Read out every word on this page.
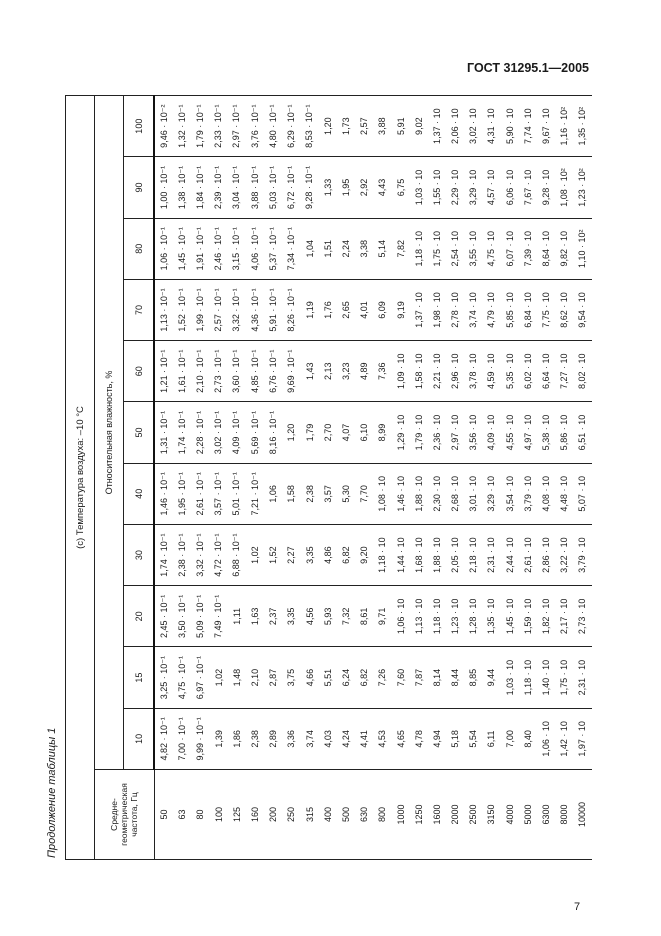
ГОСТ 31295.1—2005
Продолжение таблицы 1
(с) Температура воздуха: –10 °С											
Средне-геометрическая частота, Гц	Относительная влажность, %										
	10	15	20	30	40	50	60	70	80	90	100
50	4,82 · 10⁻¹	3,25 · 10⁻¹	2,45 · 10⁻¹	1,74 · 10⁻¹	1,46 · 10⁻¹	1,31 · 10⁻¹	1,21 · 10⁻¹	1,13 · 10⁻¹	1,06 · 10⁻¹	1,00 · 10⁻¹	9,46 · 10⁻²
63	7,00 · 10⁻¹	4,75 · 10⁻¹	3,50 · 10⁻¹	2,38 · 10⁻¹	1,95 · 10⁻¹	1,74 · 10⁻¹	1,61 · 10⁻¹	1,52 · 10⁻¹	1,45 · 10⁻¹	1,38 · 10⁻¹	1,32 · 10⁻¹
80	9,99 · 10⁻¹	6,97 · 10⁻¹	5,09 · 10⁻¹	3,32 · 10⁻¹	2,61 · 10⁻¹	2,28 · 10⁻¹	2,10 · 10⁻¹	1,99 · 10⁻¹	1,91 · 10⁻¹	1,84 · 10⁻¹	1,79 · 10⁻¹
100	1,39	1,02	7,49 · 10⁻¹	4,72 · 10⁻¹	3,57 · 10⁻¹	3,02 · 10⁻¹	2,73 · 10⁻¹	2,57 · 10⁻¹	2,46 · 10⁻¹	2,39 · 10⁻¹	2,33 · 10⁻¹
125	1,86	1,48	1,11	6,88 · 10⁻¹	5,01 · 10⁻¹	4,09 · 10⁻¹	3,60 · 10⁻¹	3,32 · 10⁻¹	3,15 · 10⁻¹	3,04 · 10⁻¹	2,97 · 10⁻¹
160	2,38	2,10	1,63	1,02	7,21 · 10⁻¹	5,69 · 10⁻¹	4,85 · 10⁻¹	4,36 · 10⁻¹	4,06 · 10⁻¹	3,88 · 10⁻¹	3,76 · 10⁻¹
200	2,89	2,87	2,37	1,52	1,06	8,16 · 10⁻¹	6,76 · 10⁻¹	5,91 · 10⁻¹	5,37 · 10⁻¹	5,03 · 10⁻¹	4,80 · 10⁻¹
250	3,36	3,75	3,35	2,27	1,58	1,20	9,69 · 10⁻¹	8,26 · 10⁻¹	7,34 · 10⁻¹	6,72 · 10⁻¹	6,29 · 10⁻¹
315	3,74	4,66	4,56	3,35	2,38	1,79	1,43	1,19	1,04	9,28 · 10⁻¹	8,53 · 10⁻¹
400	4,03	5,51	5,93	4,86	3,57	2,70	2,13	1,76	1,51	1,33	1,20
500	4,24	6,24	7,32	6,82	5,30	4,07	3,23	2,65	2,24	1,95	1,73
630	4,41	6,82	8,61	9,20	7,70	6,10	4,89	4,01	3,38	2,92	2,57
800	4,53	7,26	9,71	1,18 · 10	1,08 · 10	8,99	7,36	6,09	5,14	4,43	3,88
1000	4,65	7,60	1,06 · 10	1,44 · 10	1,46 · 10	1,29 · 10	1,09 · 10	9,19	7,82	6,75	5,91
1250	4,78	7,87	1,13 · 10	1,68 · 10	1,88 · 10	1,79 · 10	1,58 · 10	1,37 · 10	1,18 · 10	1,03 · 10	9,02
1600	4,94	8,14	1,18 · 10	1,88 · 10	2,30 · 10	2,36 · 10	2,21 · 10	1,98 · 10	1,75 · 10	1,55 · 10	1,37 · 10
2000	5,18	8,44	1,23 · 10	2,05 · 10	2,68 · 10	2,97 · 10	2,96 · 10	2,78 · 10	2,54 · 10	2,29 · 10	2,06 · 10
2500	5,54	8,85	1,28 · 10	2,18 · 10	3,01 · 10	3,56 · 10	3,78 · 10	3,74 · 10	3,55 · 10	3,29 · 10	3,02 · 10
3150	6,11	9,44	1,35 · 10	2,31 · 10	3,29 · 10	4,09 · 10	4,59 · 10	4,79 · 10	4,75 · 10	4,57 · 10	4,31 · 10
4000	7,00	1,03 · 10	1,45 · 10	2,44 · 10	3,54 · 10	4,55 · 10	5,35 · 10	5,85 · 10	6,07 · 10	6,06 · 10	5,90 · 10
5000	8,40	1,18 · 10	1,59 · 10	2,61 · 10	3,79 · 10	4,97 · 10	6,02 · 10	6,84 · 10	7,39 · 10	7,67 · 10	7,74 · 10
6300	1,06 · 10	1,40 · 10	1,82 · 10	2,86 · 10	4,08 · 10	5,38 · 10	6,64 · 10	7,75 · 10	8,64 · 10	9,28 · 10	9,67 · 10
8000	1,42 · 10	1,75 · 10	2,17 · 10	3,22 · 10	4,48 · 10	5,86 · 10	7,27 · 10	8,62 · 10	9,82 · 10	1,08 · 10²	1,16 · 10²
10000	1,97 · 10	2,31 · 10	2,73 · 10	3,79 · 10	5,07 · 10	6,51 · 10	8,02 · 10	9,54 · 10	1,10 · 10²	1,23 · 10²	1,35 · 10²
7
